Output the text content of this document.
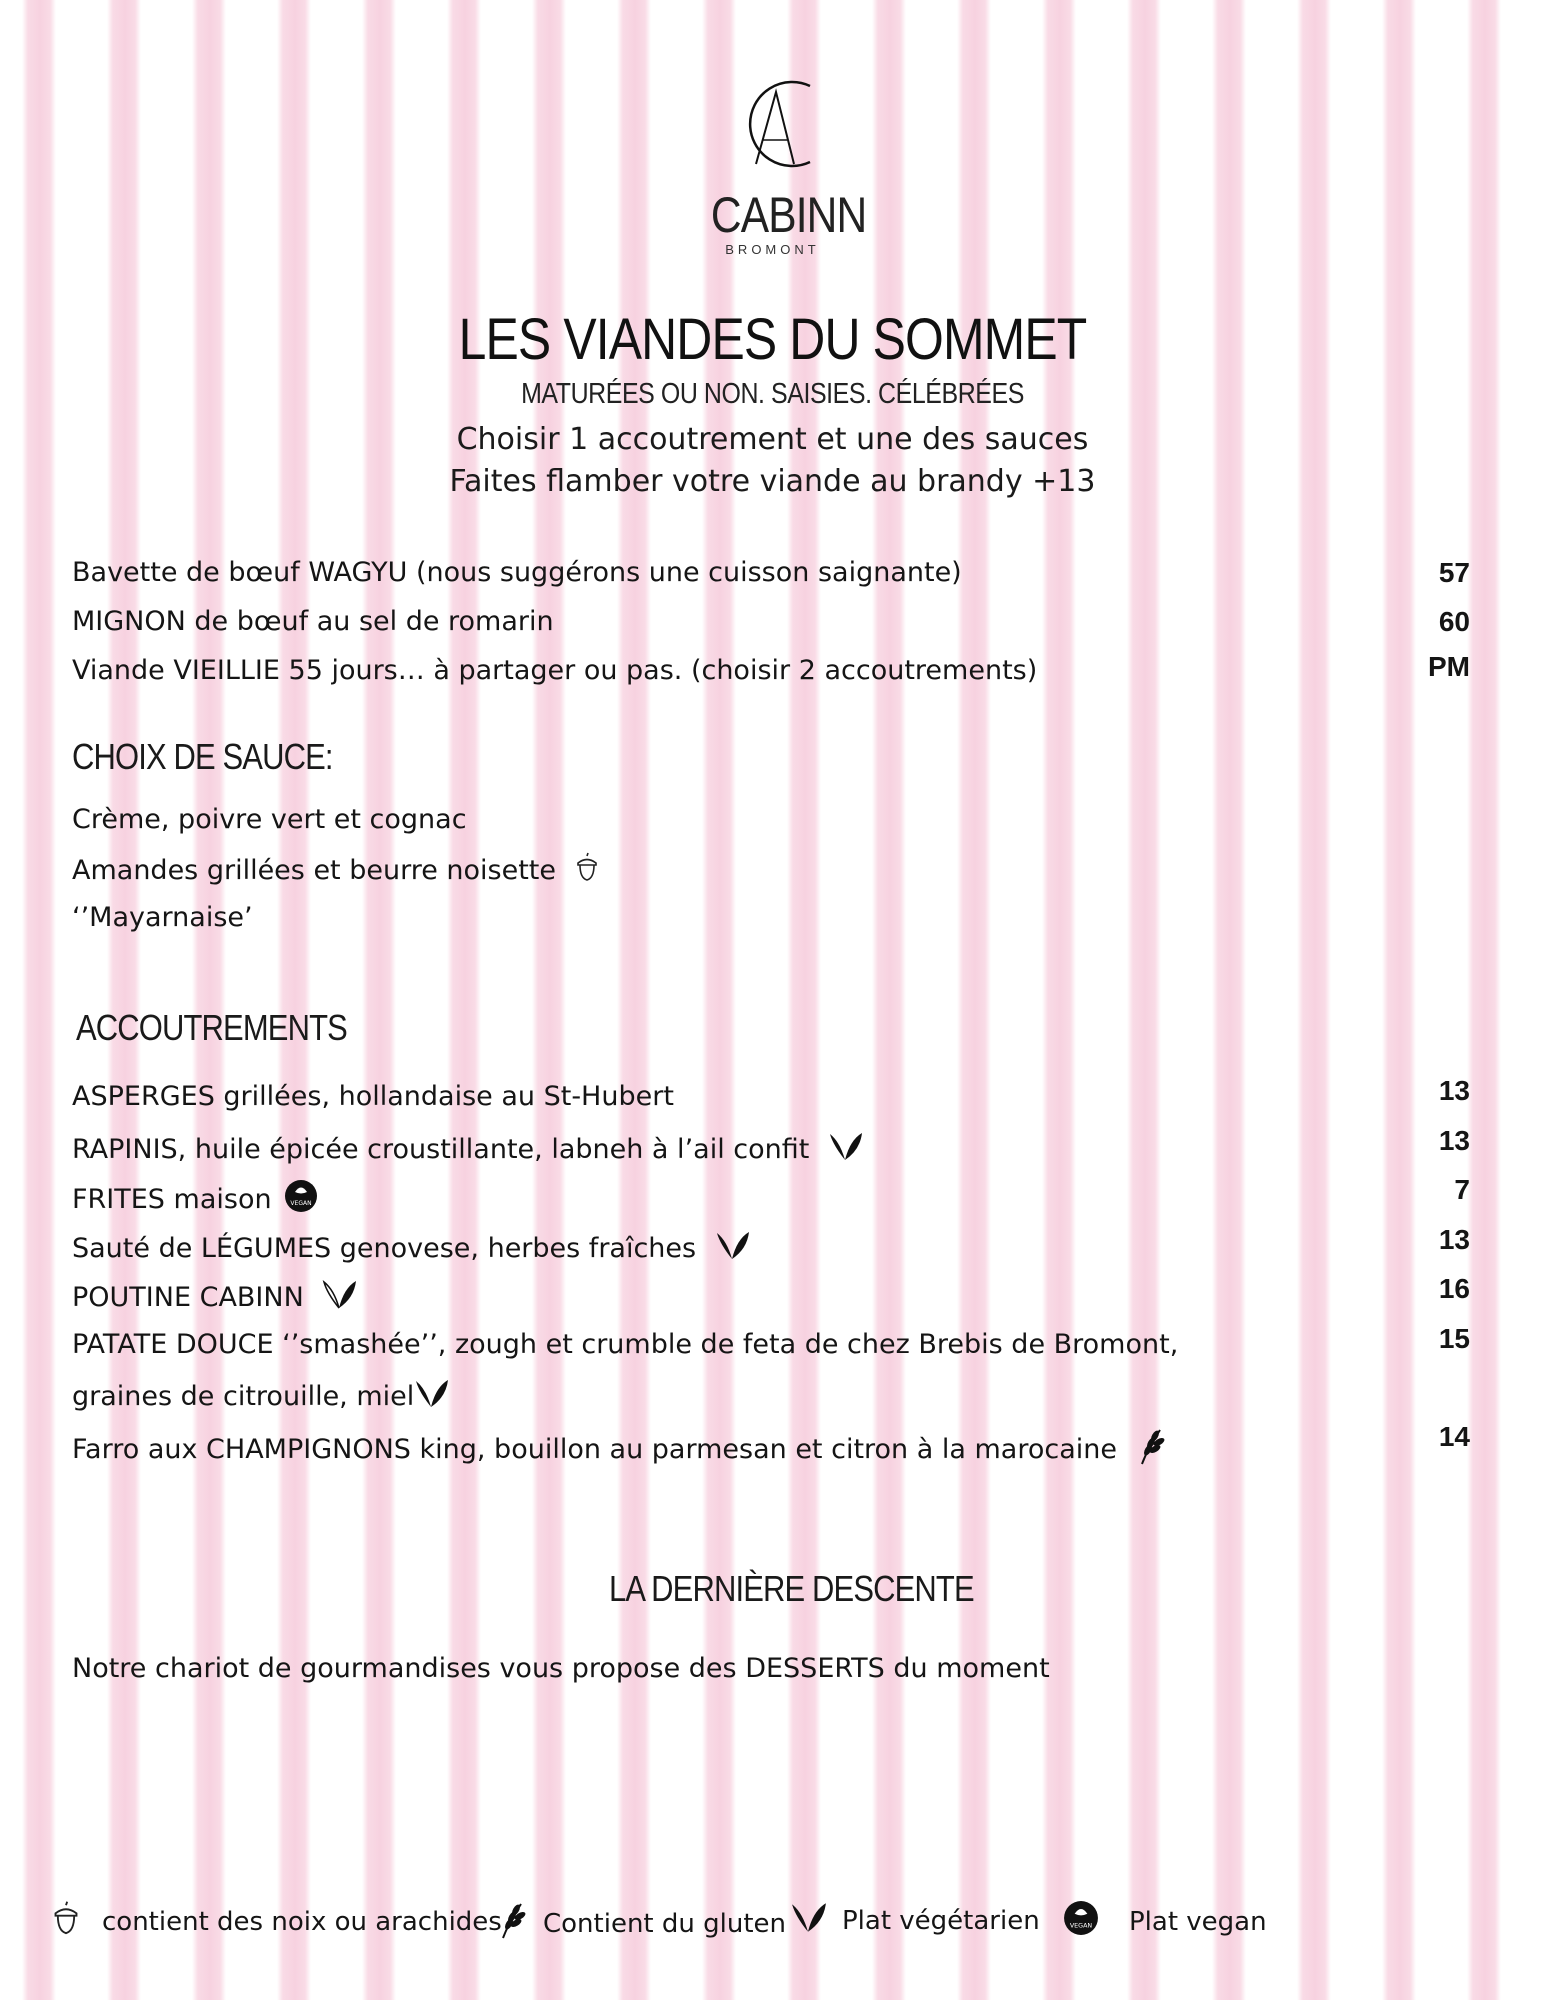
CABINN
BROMONT
LES VIANDES DU SOMMET
MATURÉES OU NON. SAISIES. CÉLÉBRÉES
Choisir 1 accoutrement et une des sauces
Faites flamber votre viande au brandy +13
Bavette de bœuf WAGYU (nous suggérons une cuisson saignante)	57
MIGNON de bœuf au sel de romarin	60
Viande VIEILLIE 55 jours… à partager ou pas. (choisir 2 accoutrements)	PM
CHOIX DE SAUCE:
Crème, poivre vert et cognac
Amandes grillées et beurre noisette
‘’Mayarnaise’
ACCOUTREMENTS
ASPERGES grillées, hollandaise au St-Hubert	13
RAPINIS, huile épicée croustillante, labneh à l’ail confit	13
FRITES maison	VEGAN	7
Sauté de LÉGUMES genovese, herbes fraîches	13
POUTINE CABINN	16
PATATE DOUCE ‘’smashée’’, zough et crumble de feta de chez Brebis de Bromont,	15
graines de citrouille, miel
Farro aux CHAMPIGNONS king, bouillon au parmesan et citron à la marocaine	14
LA DERNIÈRE DESCENTE
Notre chariot de gourmandises vous propose des DESSERTS du moment
contient des noix ou arachides Contient du gluten Plat végétarien	VEGAN Plat vegan
